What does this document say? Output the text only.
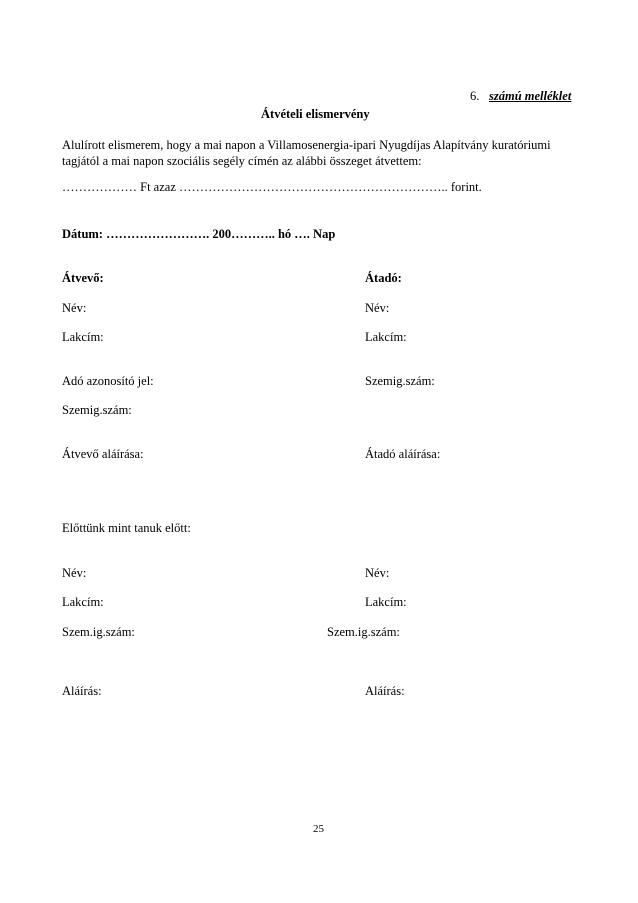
6. számú melléklet
Átvételi elismervény
Alulírott elismerem, hogy a mai napon a Villamosenergia-ipari Nyugdíjas Alapítvány kuratóriumi
tagjától a mai napon szociális segély címén az alábbi összeget átvettem:
……………… Ft azaz ……………………………………………………….. forint.
Dátum: ……………………. 200……….. hó …. Nap
Átvevő:
Név:
Lakcím:
Adó azonosító jel:
Szemig.szám:
Átvevő aláírása:
Átadó:
Név:
Lakcím:
Szemig.szám:
Átadó aláírása:
Előttünk mint tanuk előtt:
Név:
Lakcím:
Szem.ig.szám:
Aláírás:
Név:
Lakcím:
Szem.ig.szám:
Aláírás:
25
